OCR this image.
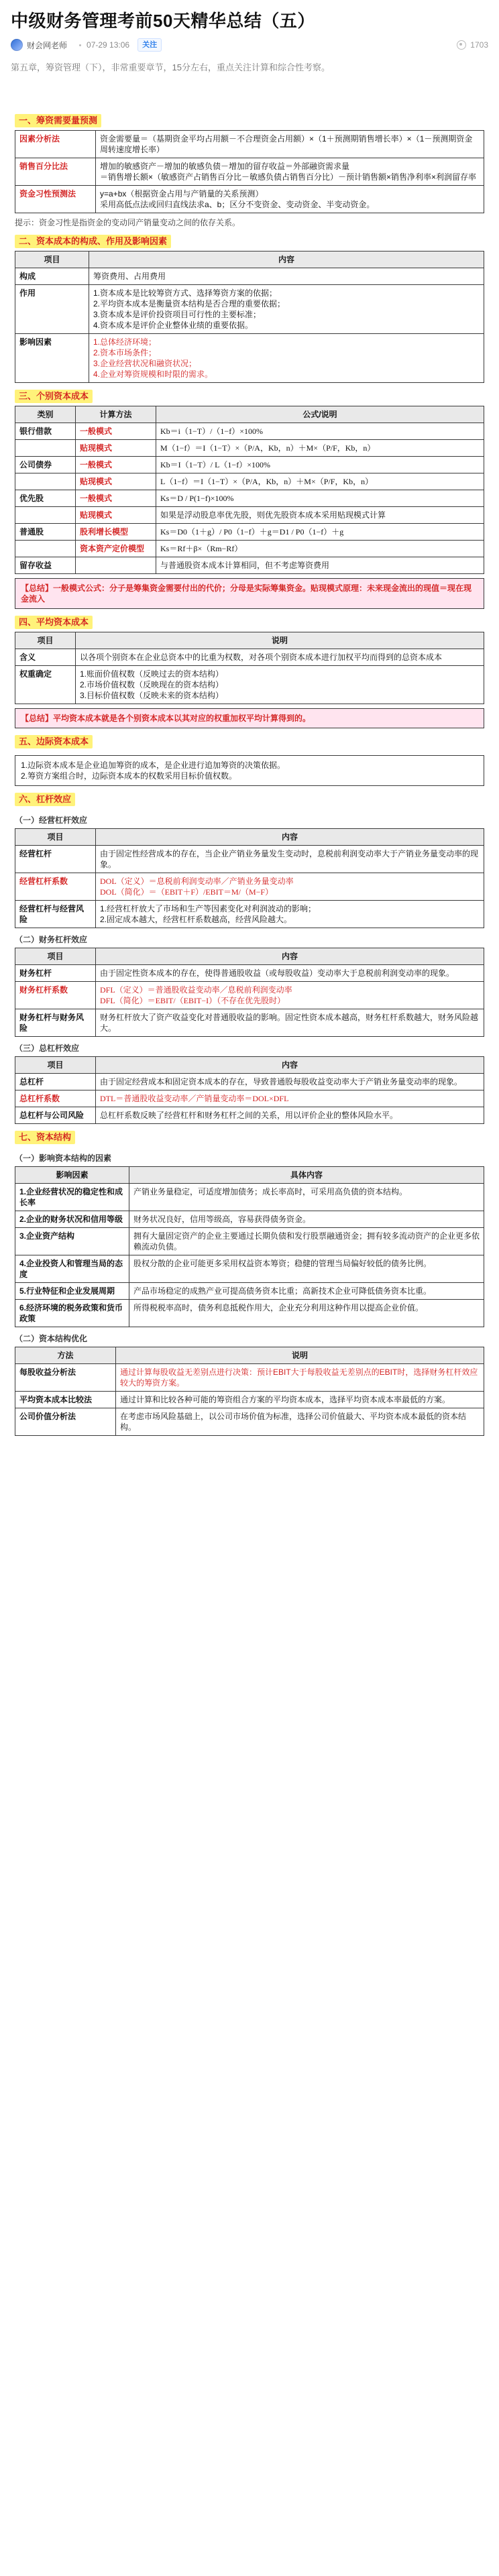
中级财务管理考前50天精华总结（五）
财会网老师 07-29 13:06	关注	1703
第五章，筹资管理（下），非常重要章节，15分左右，重点关注计算和综合性考察。
一、筹资需要量预测
因素分析法	资金需要量＝（基期资金平均占用额－不合理资金占用额）×（1＋预测期销售增长率）×（1－预测期资金周转速度增长率）
销售百分比法	增加的敏感资产－增加的敏感负债－增加的留存收益＝外部融资需求量
＝销售增长额×（敏感资产占销售百分比－敏感负债占销售百分比）－预计销售额×销售净利率×利润留存率
资金习性预测法	y=a+bx（根据资金占用与产销量的关系预测）
采用高低点法或回归直线法求a、b；区分不变资金、变动资金、半变动资金。
提示：资金习性是指资金的变动同产销量变动之间的依存关系。
二、资本成本的构成、作用及影响因素
项目	内容
构成	筹资费用、占用费用
作用	1.资本成本是比较筹资方式、选择筹资方案的依据；
2.平均资本成本是衡量资本结构是否合理的重要依据；
3.资本成本是评价投资项目可行性的主要标准；
4.资本成本是评价企业整体业绩的重要依据。
影响因素	1.总体经济环境；
2.资本市场条件；
3.企业经营状况和融资状况；
4.企业对筹资规模和时限的需求。
三、个别资本成本
类别	计算方法	公式/说明
银行借款	一般模式	Kb＝i（1−T）/（1−f）×100%
	贴现模式	M（1−f）＝I（1−T）×（P/A，Kb，n）＋M×（P/F，Kb，n）
公司债券	一般模式	Kb＝I（1−T）/ L（1−f）×100%
	贴现模式	L（1−f）＝I（1−T）×（P/A，Kb，n）＋M×（P/F，Kb，n）
优先股	一般模式	Ks＝D / P(1−f)×100%
	贴现模式	如果是浮动股息率优先股，则优先股资本成本采用贴现模式计算
普通股	股利增长模型	Ks＝D0（1＋g）/ P0（1−f）＋g＝D1 / P0（1−f）＋g
	资本资产定价模型	Ks＝Rf＋β×（Rm−Rf）
留存收益		与普通股资本成本计算相同，但不考虑筹资费用
【总结】一般模式公式：分子是筹集资金需要付出的代价；分母是实际筹集资金。贴现模式原理：未来现金流出的现值＝现在现金流入
四、平均资本成本
项目	说明
含义	以各项个别资本在企业总资本中的比重为权数，对各项个别资本成本进行加权平均而得到的总资本成本
权重确定	1.账面价值权数（反映过去的资本结构）
2.市场价值权数（反映现在的资本结构）
3.目标价值权数（反映未来的资本结构）
【总结】平均资本成本就是各个别资本成本以其对应的权重加权平均计算得到的。
五、边际资本成本
1.边际资本成本是企业追加筹资的成本，是企业进行追加筹资的决策依据。
2.筹资方案组合时，边际资本成本的权数采用目标价值权数。
六、杠杆效应
（一）经营杠杆效应
项目	内容
经营杠杆	由于固定性经营成本的存在，当企业产销业务量发生变动时，息税前利润变动率大于产销业务量变动率的现象。
经营杠杆系数	DOL（定义）＝息税前利润变动率／产销业务量变动率
DOL（简化）＝（EBIT＋F）/EBIT＝M/（M−F）
经营杠杆与经营风险	1.经营杠杆放大了市场和生产等因素变化对利润波动的影响；
2.固定成本越大，经营杠杆系数越高，经营风险越大。
（二）财务杠杆效应
项目	内容
财务杠杆	由于固定性资本成本的存在，使得普通股收益（或每股收益）变动率大于息税前利润变动率的现象。
财务杠杆系数	DFL（定义）＝普通股收益变动率／息税前利润变动率
DFL（简化）＝EBIT/（EBIT−I）（不存在优先股时）
财务杠杆与财务风险	财务杠杆放大了资产收益变化对普通股收益的影响。固定性资本成本越高，财务杠杆系数越大，财务风险越大。
（三）总杠杆效应
项目	内容
总杠杆	由于固定经营成本和固定资本成本的存在，导致普通股每股收益变动率大于产销业务量变动率的现象。
总杠杆系数	DTL＝普通股收益变动率／产销量变动率＝DOL×DFL
总杠杆与公司风险	总杠杆系数反映了经营杠杆和财务杠杆之间的关系，用以评价企业的整体风险水平。
七、资本结构
（一）影响资本结构的因素
影响因素	具体内容
1.企业经营状况的稳定性和成长率	产销业务量稳定，可适度增加债务；成长率高时，可采用高负债的资本结构。
2.企业的财务状况和信用等级	财务状况良好，信用等级高，容易获得债务资金。
3.企业资产结构	拥有大量固定资产的企业主要通过长期负债和发行股票融通资金；拥有较多流动资产的企业更多依赖流动负债。
4.企业投资人和管理当局的态度	股权分散的企业可能更多采用权益资本筹资；稳健的管理当局偏好较低的债务比例。
5.行业特征和企业发展周期	产品市场稳定的成熟产业可提高债务资本比重；高新技术企业可降低债务资本比重。
6.经济环境的税务政策和货币政策	所得税税率高时，债务利息抵税作用大，企业充分利用这种作用以提高企业价值。
（二）资本结构优化
方法	说明
每股收益分析法	通过计算每股收益无差别点进行决策：预计EBIT大于每股收益无差别点的EBIT时，选择财务杠杆效应较大的筹资方案。
平均资本成本比较法	通过计算和比较各种可能的筹资组合方案的平均资本成本，选择平均资本成本率最低的方案。
公司价值分析法	在考虑市场风险基础上，以公司市场价值为标准，选择公司价值最大、平均资本成本最低的资本结构。
